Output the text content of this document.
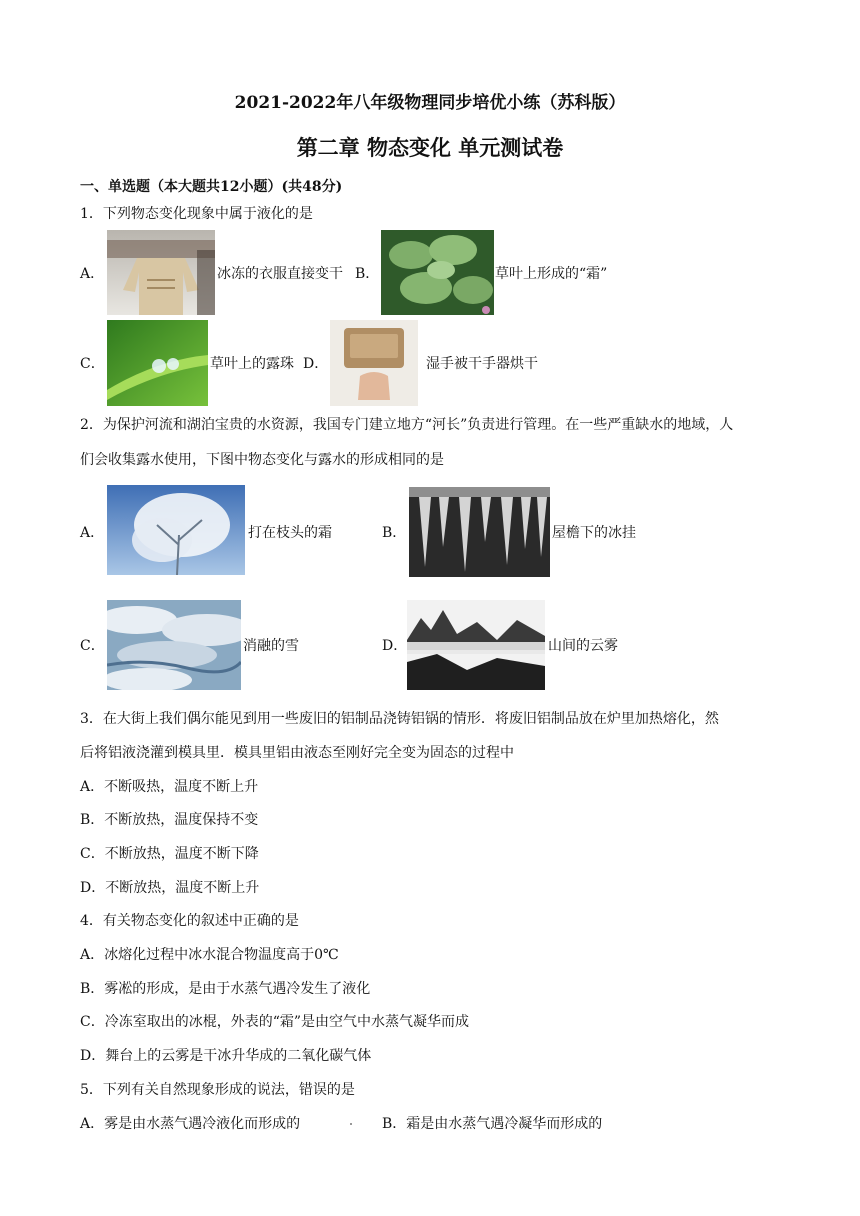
2021-2022年八年级物理同步培优小练（苏科版）
第二章 物态变化 单元测试卷
一、单选题（本大题共12小题）(共48分)
1．下列物态变化现象中属于液化的是
A．	冰冻的衣服直接变干 B．	草叶上形成的“霜”
C．	草叶上的露珠 D．	湿手被干手器烘干
2．为保护河流和湖泊宝贵的水资源，我国专门建立地方“河长”负责进行管理。在一些严重缺水的地域，人
们会收集露水使用，下图中物态变化与露水的形成相同的是
A．	打在枝头的霜	B．	屋檐下的冰挂
C．	消融的雪	D．	山间的云雾
3．在大街上我们偶尔能见到用一些废旧的铝制品浇铸铝锅的情形．将废旧铝制品放在炉里加热熔化，然
后将铝液浇灌到模具里．模具里铝由液态至刚好完全变为固态的过程中
A．不断吸热，温度不断上升
B．不断放热，温度保持不变
C．不断放热，温度不断下降
D．不断放热，温度不断上升
4．有关物态变化的叙述中正确的是
A．冰熔化过程中冰水混合物温度高于0℃
B．雾凇的形成，是由于水蒸气遇冷发生了液化
C．冷冻室取出的冰棍，外表的“霜”是由空气中水蒸气凝华而成
D．舞台上的云雾是干冰升华成的二氧化碳气体
5．下列有关自然现象形成的说法，错误的是
A．雾是由水蒸气遇冷液化而形成的	B．霜是由水蒸气遇冷凝华而形成的
